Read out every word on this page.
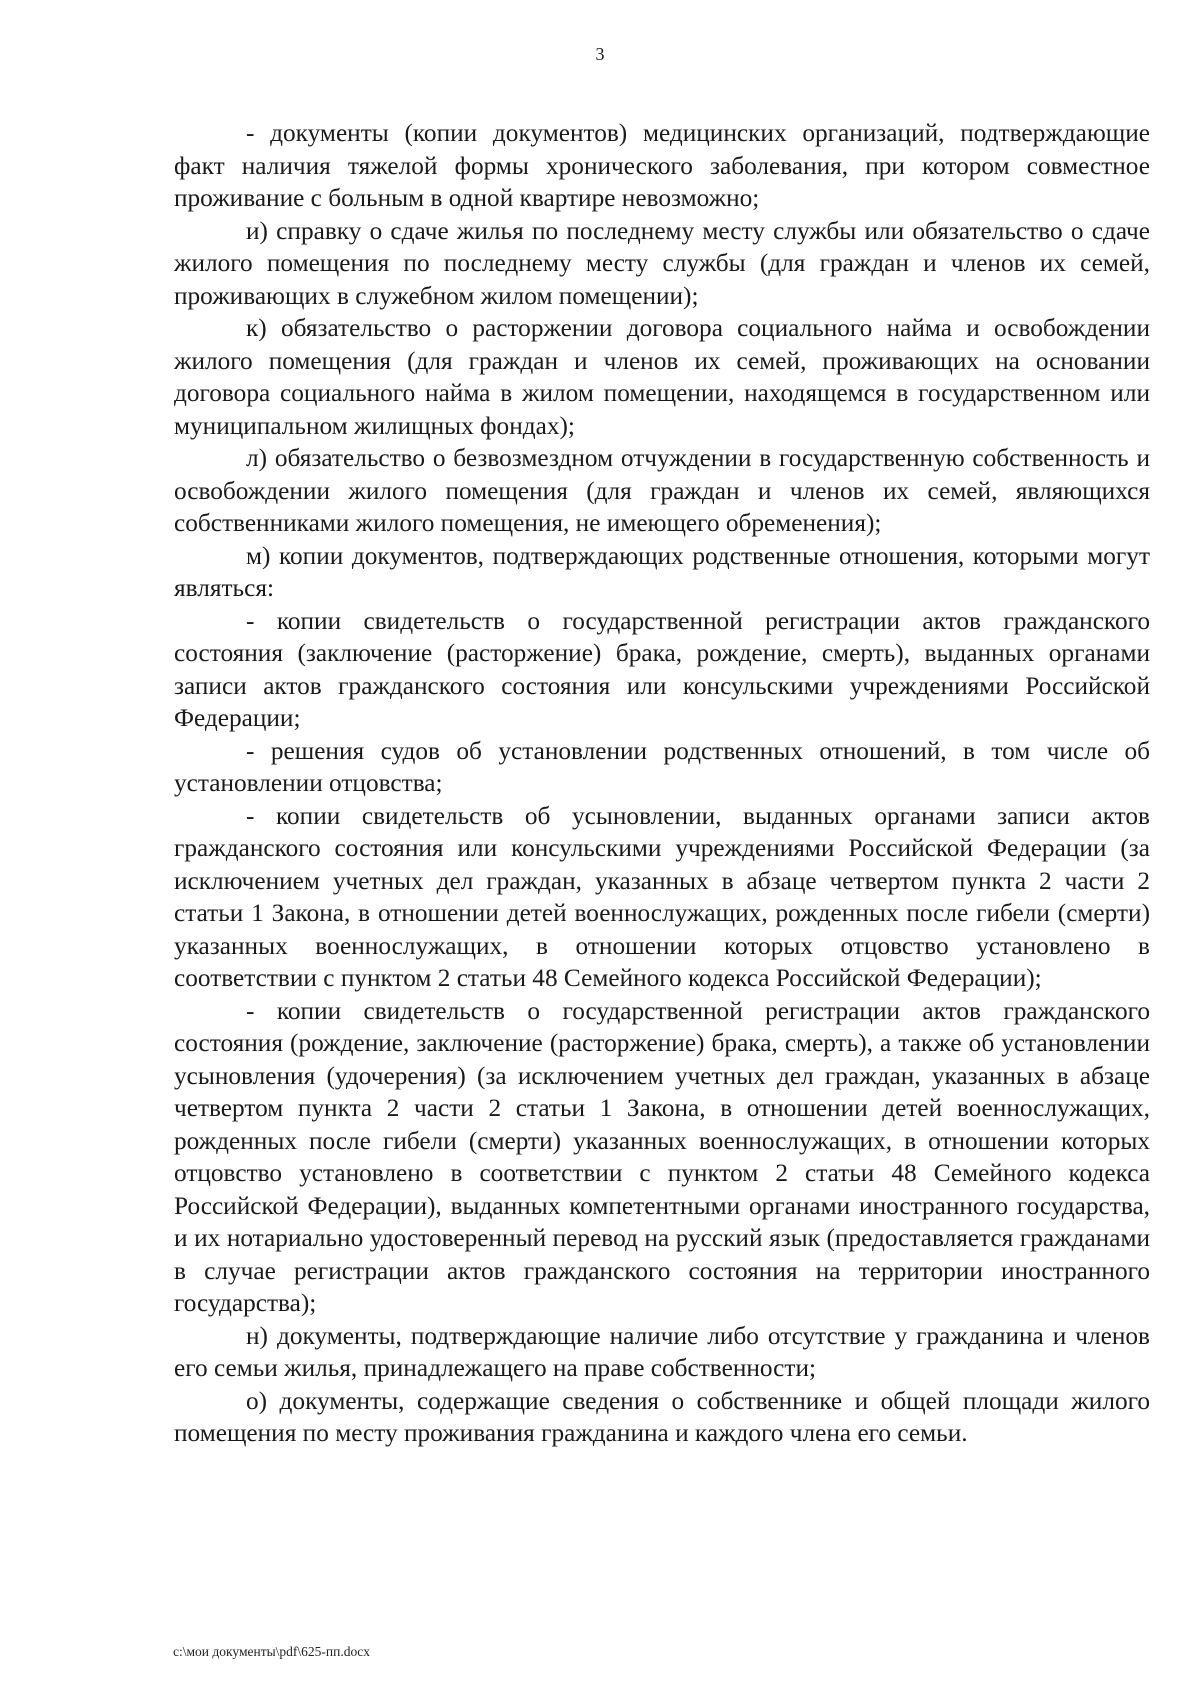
3

- документы (копии документов) медицинских организаций, подтверждающие факт наличия тяжелой формы хронического заболевания, при котором совместное проживание с больным в одной квартире невозможно;

и) справку о сдаче жилья по последнему месту службы или обязательство о сдаче жилого помещения по последнему месту службы (для граждан и членов их семей, проживающих в служебном жилом помещении);

к) обязательство о расторжении договора социального найма и освобождении жилого помещения (для граждан и членов их семей, проживающих на основании договора социального найма в жилом помещении, находящемся в государственном или муниципальном жилищных фондах);

л) обязательство о безвозмездном отчуждении в государственную собственность и освобождении жилого помещения (для граждан и членов их семей, являющихся собственниками жилого помещения, не имеющего обременения);

м) копии документов, подтверждающих родственные отношения, которыми могут являться:

- копии свидетельств о государственной регистрации актов гражданского состояния (заключение (расторжение) брака, рождение, смерть), выданных органами записи актов гражданского состояния или консульскими учреждениями Российской Федерации;

- решения судов об установлении родственных отношений, в том числе об установлении отцовства;

- копии свидетельств об усыновлении, выданных органами записи актов гражданского состояния или консульскими учреждениями Российской Федерации (за исключением учетных дел граждан, указанных в абзаце четвертом пункта 2 части 2 статьи 1 Закона, в отношении детей военнослужащих, рожденных после гибели (смерти) указанных военнослужащих, в отношении которых отцовство установлено в соответствии с пунктом 2 статьи 48 Семейного кодекса Российской Федерации);

- копии свидетельств о государственной регистрации актов гражданского состояния (рождение, заключение (расторжение) брака, смерть), а также об установлении усыновления (удочерения) (за исключением учетных дел граждан, указанных в абзаце четвертом пункта 2 части 2 статьи 1 Закона, в отношении детей военнослужащих, рожденных после гибели (смерти) указанных военнослужащих, в отношении которых отцовство установлено в соответствии с пунктом 2 статьи 48 Семейного кодекса Российской Федерации), выданных компетентными органами иностранного государства, и их нотариально удостоверенный перевод на русский язык (предоставляется гражданами в случае регистрации актов гражданского состояния на территории иностранного государства);

н) документы, подтверждающие наличие либо отсутствие у гражданина и членов его семьи жилья, принадлежащего на праве собственности;

о) документы, содержащие сведения о собственнике и общей площади жилого помещения по месту проживания гражданина и каждого члена его семьи.

c:\мои документы\pdf\625-пп.docx
